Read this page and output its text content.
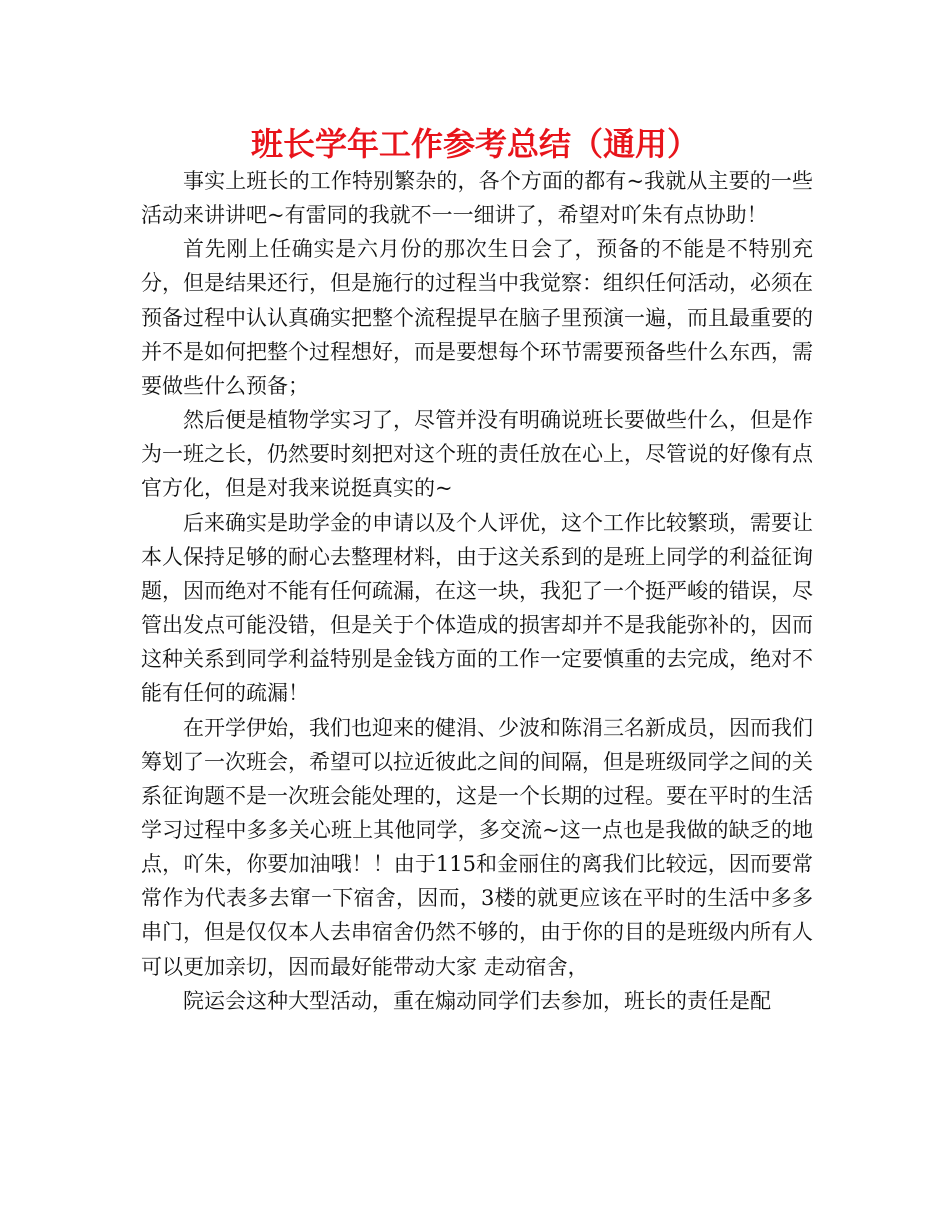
班长学年工作参考总结（通用）

事实上班长的工作特别繁杂的，各个方面的都有~我就从主要的一些活动来讲讲吧~有雷同的我就不一一细讲了，希望对吖朱有点协助！

首先刚上任确实是六月份的那次生日会了，预备的不能是不特别充分，但是结果还行，但是施行的过程当中我觉察：组织任何活动，必须在预备过程中认认真确实把整个流程提早在脑子里预演一遍，而且最重要的并不是如何把整个过程想好，而是要想每个环节需要预备些什么东西，需要做些什么预备；

然后便是植物学实习了，尽管并没有明确说班长要做些什么，但是作为一班之长，仍然要时刻把对这个班的责任放在心上，尽管说的好像有点官方化，但是对我来说挺真实的~

后来确实是助学金的申请以及个人评优，这个工作比较繁琐，需要让本人保持足够的耐心去整理材料，由于这关系到的是班上同学的利益征询题，因而绝对不能有任何疏漏，在这一块，我犯了一个挺严峻的错误，尽管出发点可能没错，但是关于个体造成的损害却并不是我能弥补的，因而这种关系到同学利益特别是金钱方面的工作一定要慎重的去完成，绝对不能有任何的疏漏！

在开学伊始，我们也迎来的健涓、少波和陈涓三名新成员，因而我们筹划了一次班会，希望可以拉近彼此之间的间隔，但是班级同学之间的关系征询题不是一次班会能处理的，这是一个长期的过程。要在平时的生活学习过程中多多关心班上其他同学，多交流~这一点也是我做的缺乏的地点，吖朱，你要加油哦！！由于115和金丽住的离我们比较远，因而要常常作为代表多去窜一下宿舍，因而，3楼的就更应该在平时的生活中多多串门，但是仅仅本人去串宿舍仍然不够的，由于你的目的是班级内所有人可以更加亲切，因而最好能带动大家 走动宿舍，

院运会这种大型活动，重在煽动同学们去参加，班长的责任是配
